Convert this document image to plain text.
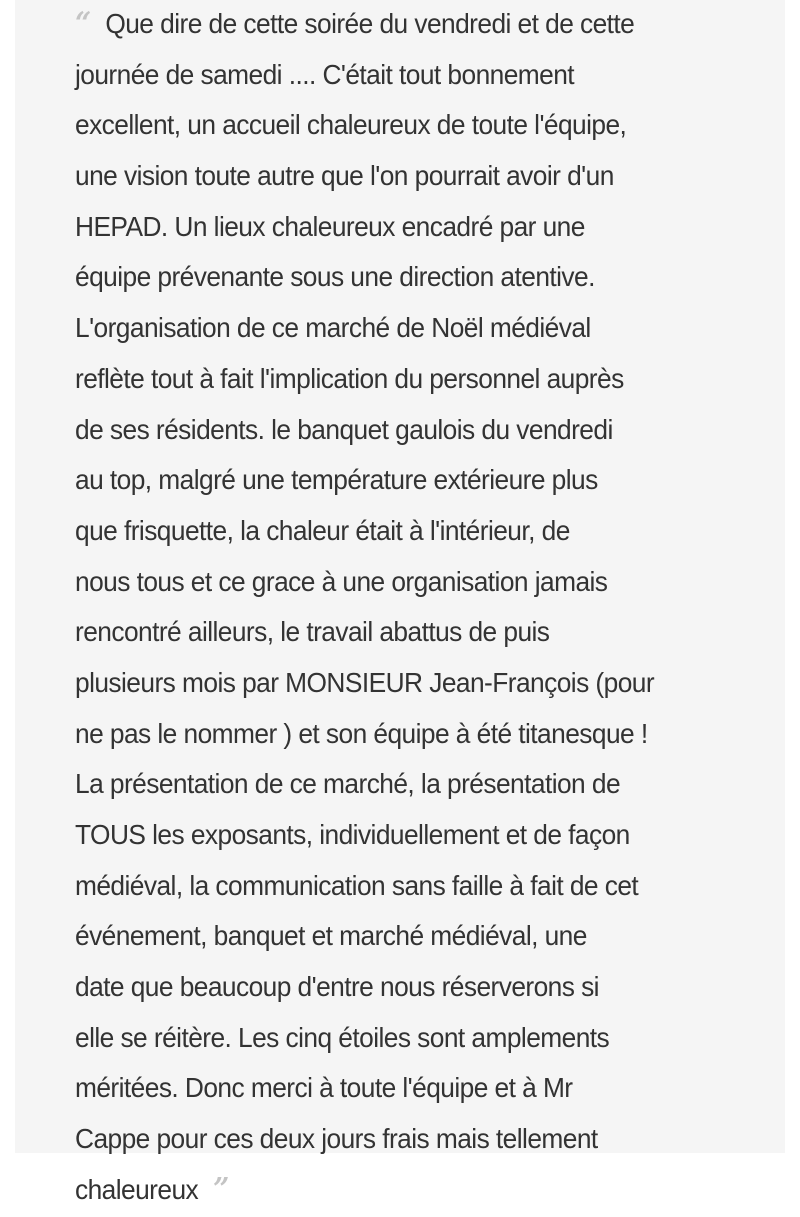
“ Que dire de cette soirée du vendredi et de cette
journée de samedi .... C'était tout bonnement
excellent, un accueil chaleureux de toute l'équipe,
une vision toute autre que l'on pourrait avoir d'un
HEPAD. Un lieux chaleureux encadré par une
équipe prévenante sous une direction atentive.
L'organisation de ce marché de Noël médiéval
reflète tout à fait l'implication du personnel auprès
de ses résidents. le banquet gaulois du vendredi
au top, malgré une température extérieure plus
que frisquette, la chaleur était à l'intérieur, de
nous tous et ce grace à une organisation jamais
rencontré ailleurs, le travail abattus de puis
plusieurs mois par MONSIEUR Jean-François (pour
ne pas le nommer ) et son équipe à été titanesque !
La présentation de ce marché, la présentation de
TOUS les exposants, individuellement et de façon
médiéval, la communication sans faille à fait de cet
événement, banquet et marché médiéval, une
date que beaucoup d'entre nous réserverons si
elle se réitère. Les cinq étoiles sont amplements
méritées. Donc merci à toute l'équipe et à Mr
Cappe pour ces deux jours frais mais tellement
chaleureux ”
